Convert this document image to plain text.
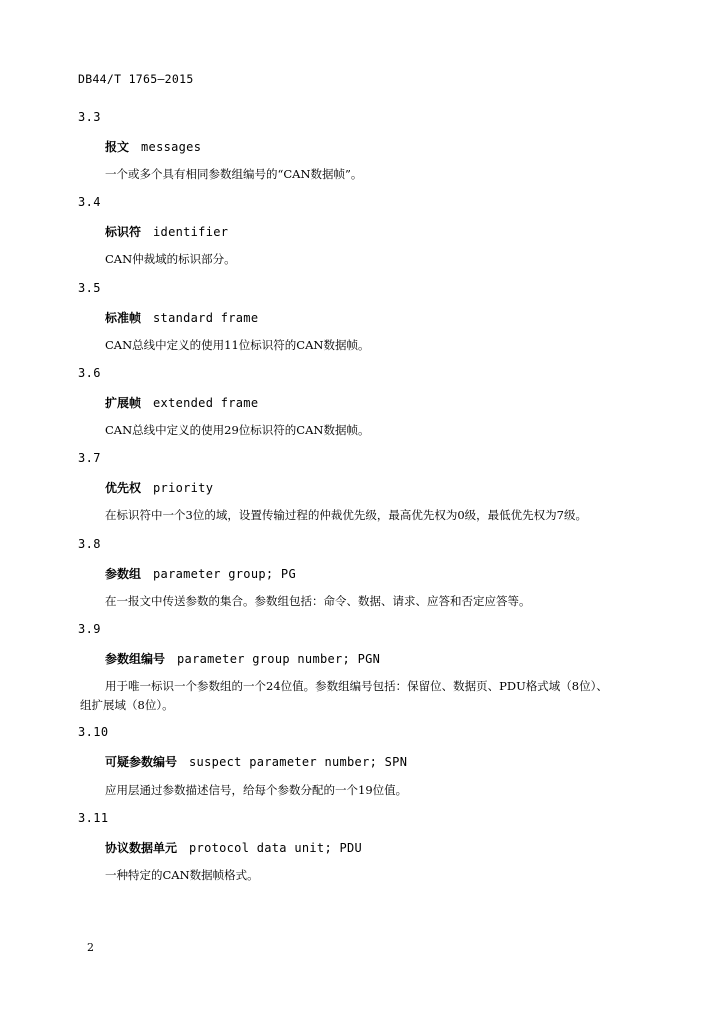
DB44/T 1765—2015
3.3
报文 messages
一个或多个具有相同参数组编号的“CAN数据帧”。
3.4
标识符 identifier
CAN仲裁域的标识部分。
3.5
标准帧 standard frame
CAN总线中定义的使用11位标识符的CAN数据帧。
3.6
扩展帧 extended frame
CAN总线中定义的使用29位标识符的CAN数据帧。
3.7
优先权 priority
在标识符中一个3位的域，设置传输过程的仲裁优先级，最高优先权为0级，最低优先权为7级。
3.8
参数组 parameter group; PG
在一报文中传送参数的集合。参数组包括：命令、数据、请求、应答和否定应答等。
3.9
参数组编号 parameter group number; PGN
用于唯一标识一个参数组的一个24位值。参数组编号包括：保留位、数据页、PDU格式域（8位）、
组扩展域（8位）。
3.10
可疑参数编号 suspect parameter number; SPN
应用层通过参数描述信号，给每个参数分配的一个19位值。
3.11
协议数据单元 protocol data unit; PDU
一种特定的CAN数据帧格式。
2
